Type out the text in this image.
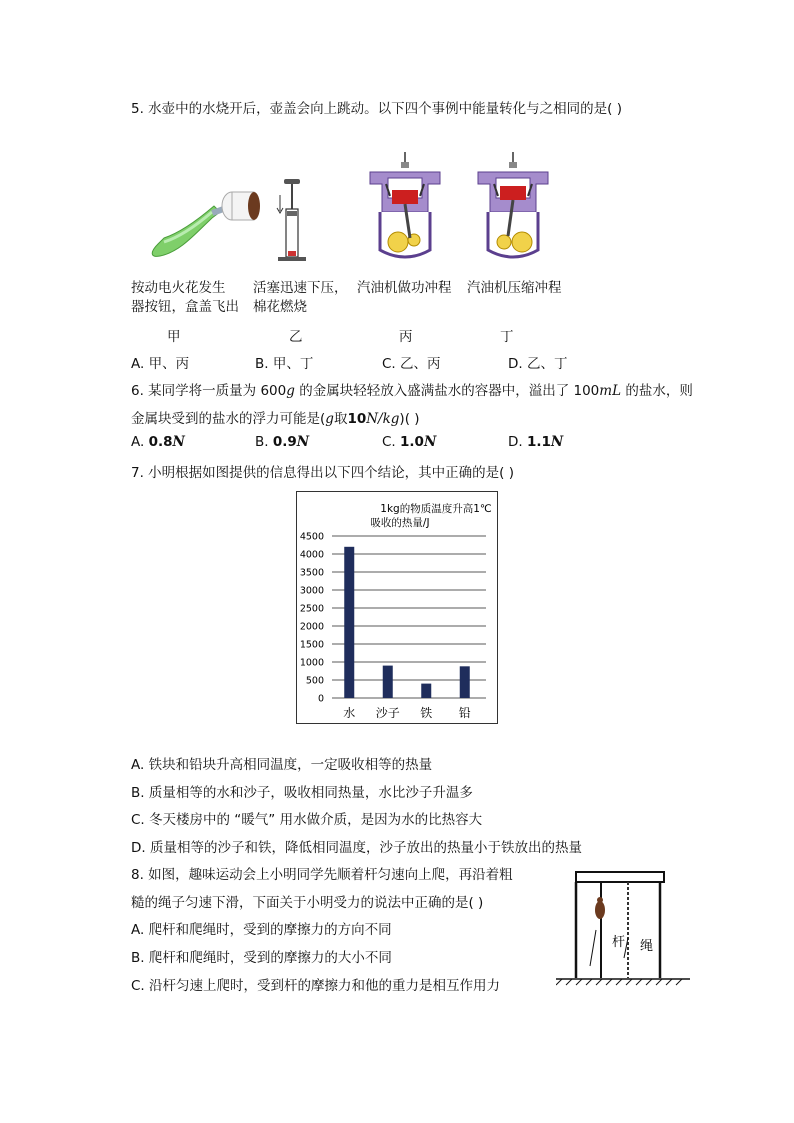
5. 水壶中的水烧开后，壶盖会向上跳动。以下四个事例中能量转化与之相同的是( )
按动电火花发生
器按钮，盒盖飞出
活塞迅速下压，
棉花燃烧
汽油机做功冲程 汽油机压缩冲程
甲	乙	丙	丁
A. 甲、丙	B. 甲、丁	C. 乙、丙	D. 乙、丁
6. 某同学将一质量为 600g 的金属块轻轻放入盛满盐水的容器中，溢出了 100mL 的盐水，则
金属块受到的盐水的浮力可能是(g取10N/kg)( )
A. 0.8N	B. 0.9N	C. 1.0N	D. 1.1N
7. 小明根据如图提供的信息得出以下四个结论，其中正确的是( )
1kg的物质温度升高1℃
吸收的热量/J
0
500
1000
1500
2000
2500
3000
3500
4000
4500
水 沙子 铁 铅
A. 铁块和铅块升高相同温度，一定吸收相等的热量
B. 质量相等的水和沙子，吸收相同热量，水比沙子升温多
C. 冬天楼房中的 “暖气” 用水做介质，是因为水的比热容大
D. 质量相等的沙子和铁，降低相同温度，沙子放出的热量小于铁放出的热量
8. 如图，趣味运动会上小明同学先顺着杆匀速向上爬，再沿着粗
糙的绳子匀速下滑，下面关于小明受力的说法中正确的是( )
A. 爬杆和爬绳时，受到的摩擦力的方向不同
B. 爬杆和爬绳时，受到的摩擦力的大小不同
C. 沿杆匀速上爬时，受到杆的摩擦力和他的重力是相互作用力
杆 绳
